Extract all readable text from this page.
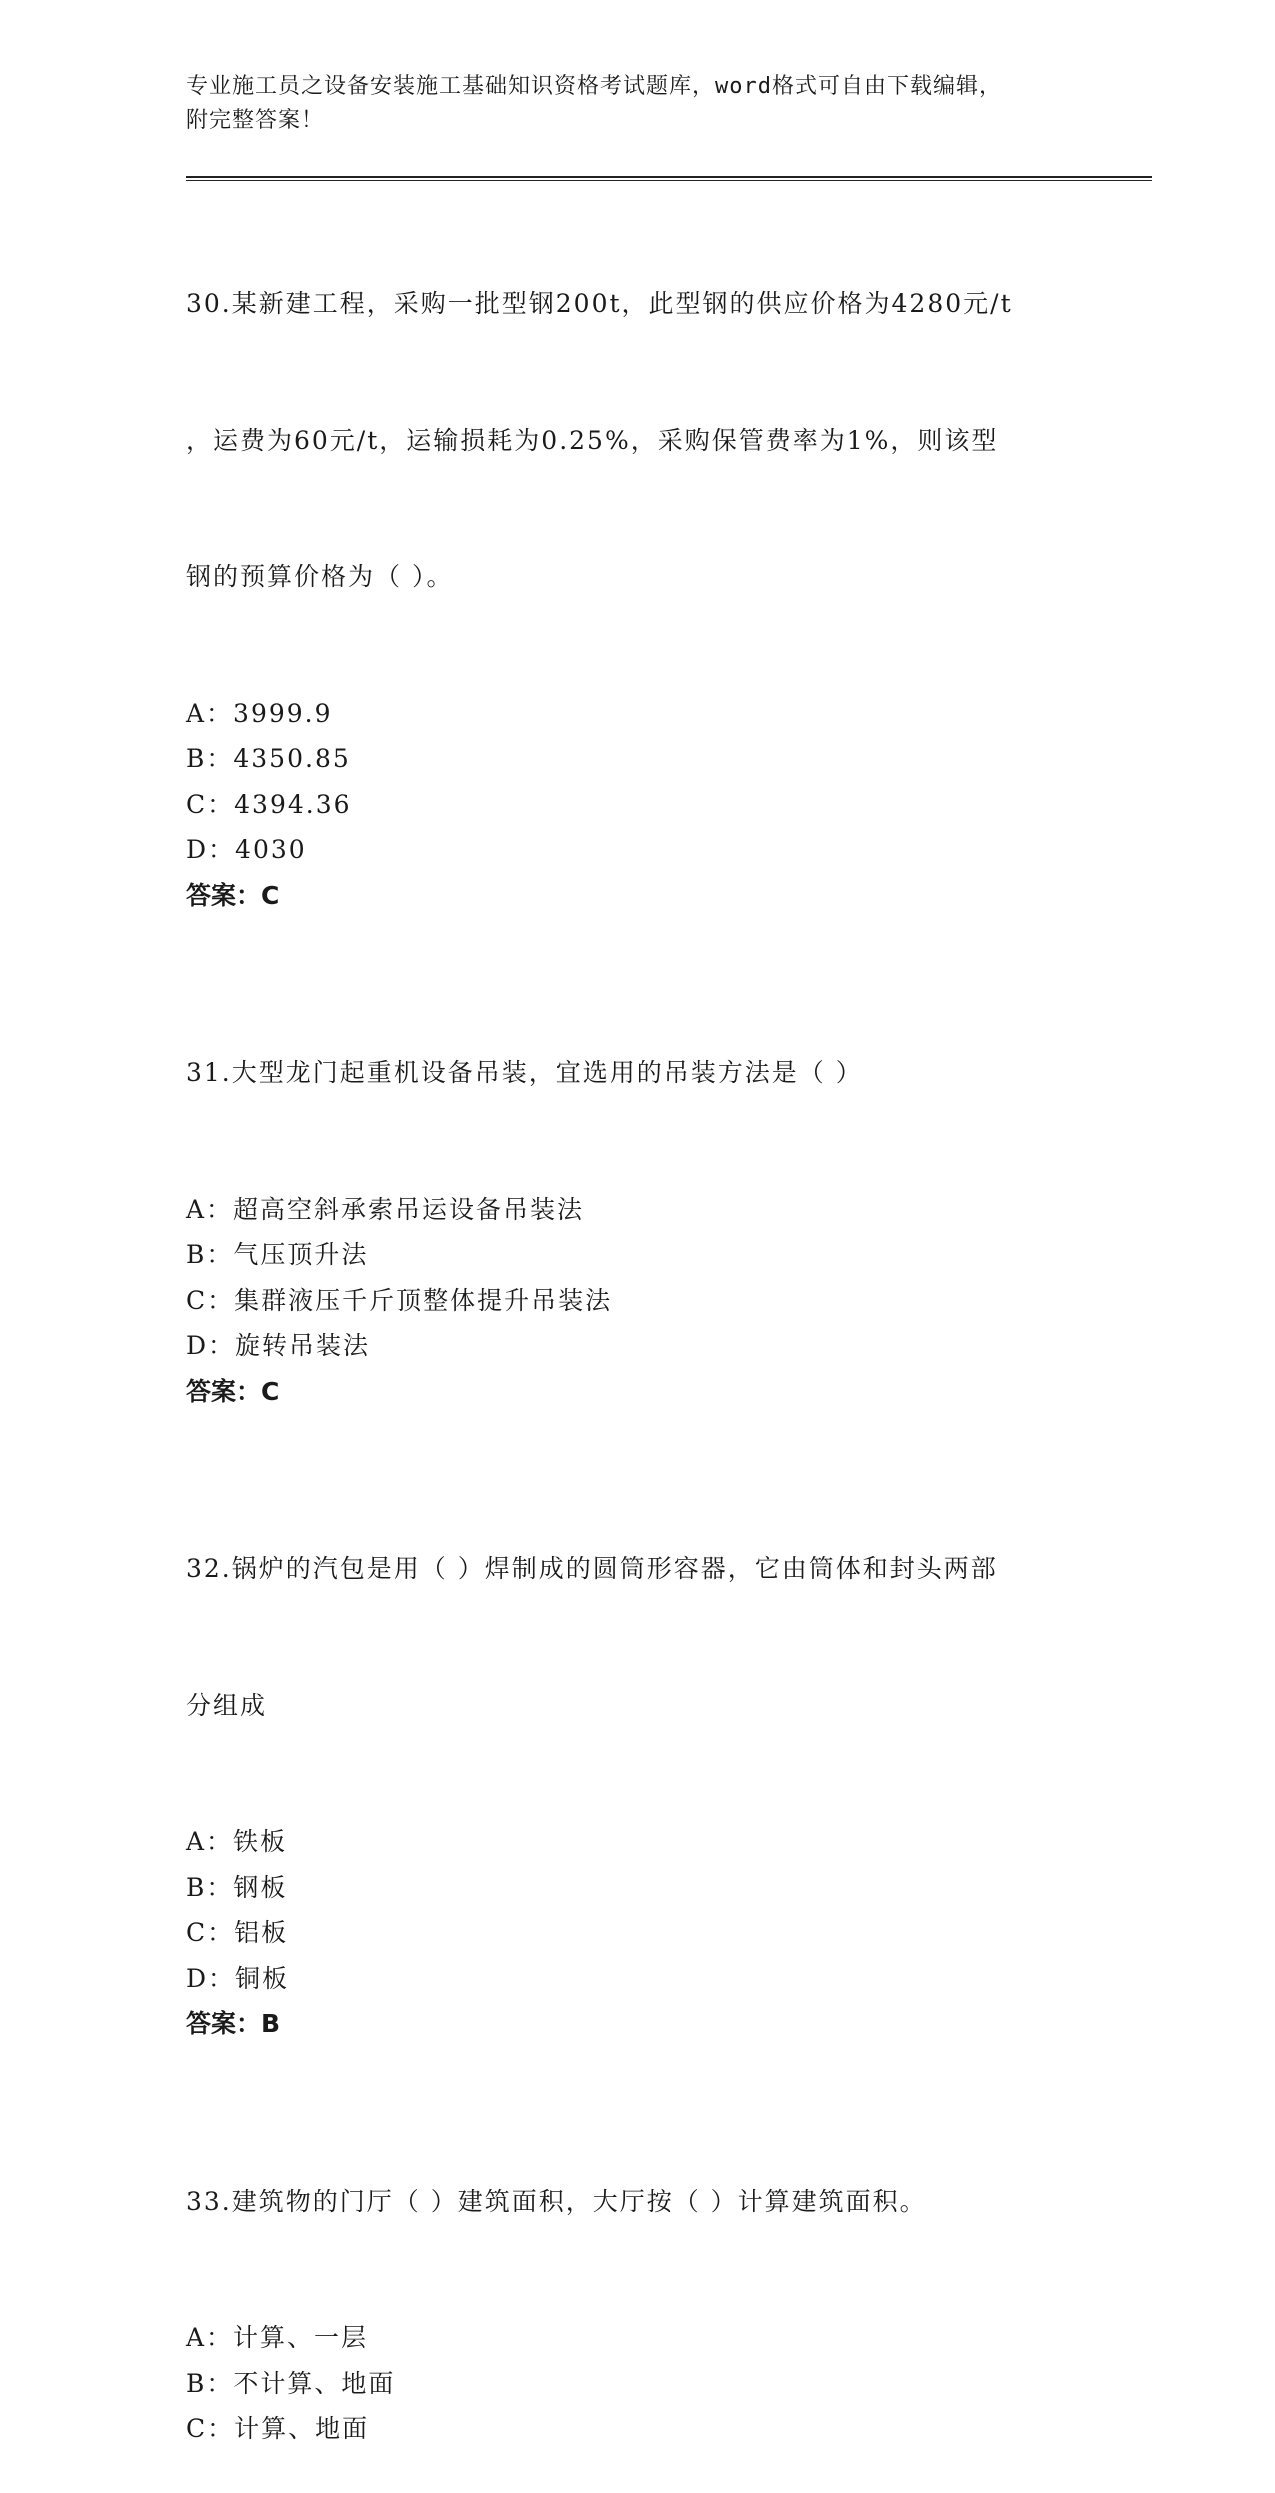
专业施工员之设备安装施工基础知识资格考试题库，word格式可自由下载编辑，
附完整答案！

30.某新建工程，采购一批型钢200t，此型钢的供应价格为4280元/t

，运费为60元/t，运输损耗为0.25%，采购保管费率为1%，则该型

钢的预算价格为（ ）。

A：3999.9
B：4350.85
C：4394.36
D：4030
答案：C

31.大型龙门起重机设备吊装，宜选用的吊装方法是（ ）

A：超高空斜承索吊运设备吊装法
B：气压顶升法
C：集群液压千斤顶整体提升吊装法
D：旋转吊装法
答案：C

32.锅炉的汽包是用（ ）焊制成的圆筒形容器，它由筒体和封头两部

分组成

A：铁板
B：钢板
C：铝板
D：铜板
答案：B

33.建筑物的门厅（ ）建筑面积，大厅按（ ）计算建筑面积。

A：计算、一层
B：不计算、地面
C：计算、地面
